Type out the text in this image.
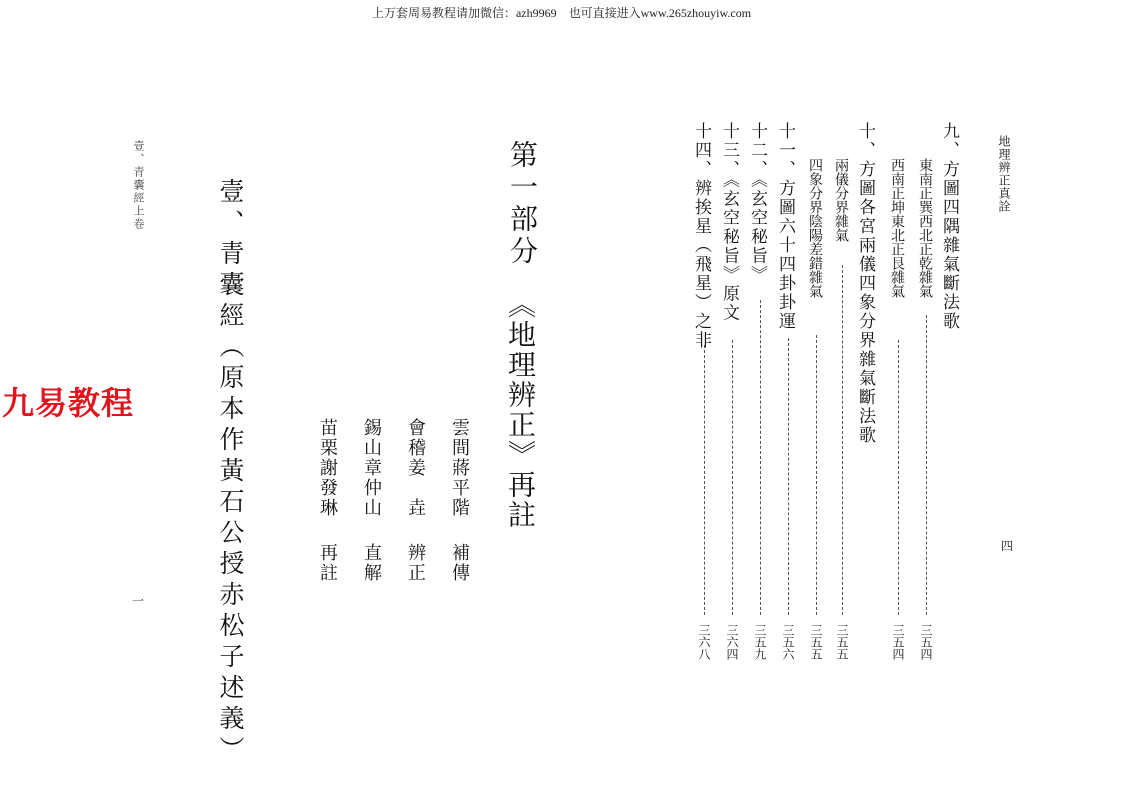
上万套周易教程请加微信：azh9969　也可直接进入www.265zhouyiw.com
九易教程
壹、青囊經上卷
一	壹、青囊經（原本作黃石公授赤松子述義）	雲間蔣平階
補傳
會稽姜　垚
辨正
錫山章仲山
直解
苗栗謝發琳
再註
第一部分
《地理辨正》再註
地理辨正真詮
四
九、方圖四隅雜氣斷法歌
東南正巽西北正乾雜氣
三五四
西南正坤東北正艮雜氣
三五四
十、方圖各宮兩儀四象分界雜氣斷法歌
兩儀分界雜氣
三五五
四象分界陰陽差錯雜氣
三五五
十一、方圖六十四卦卦運
三五六
十二、《玄空秘旨》
三五九
十三、《玄空秘旨》原文
三六四
十四、辨挨星（飛星）之非
三六八
